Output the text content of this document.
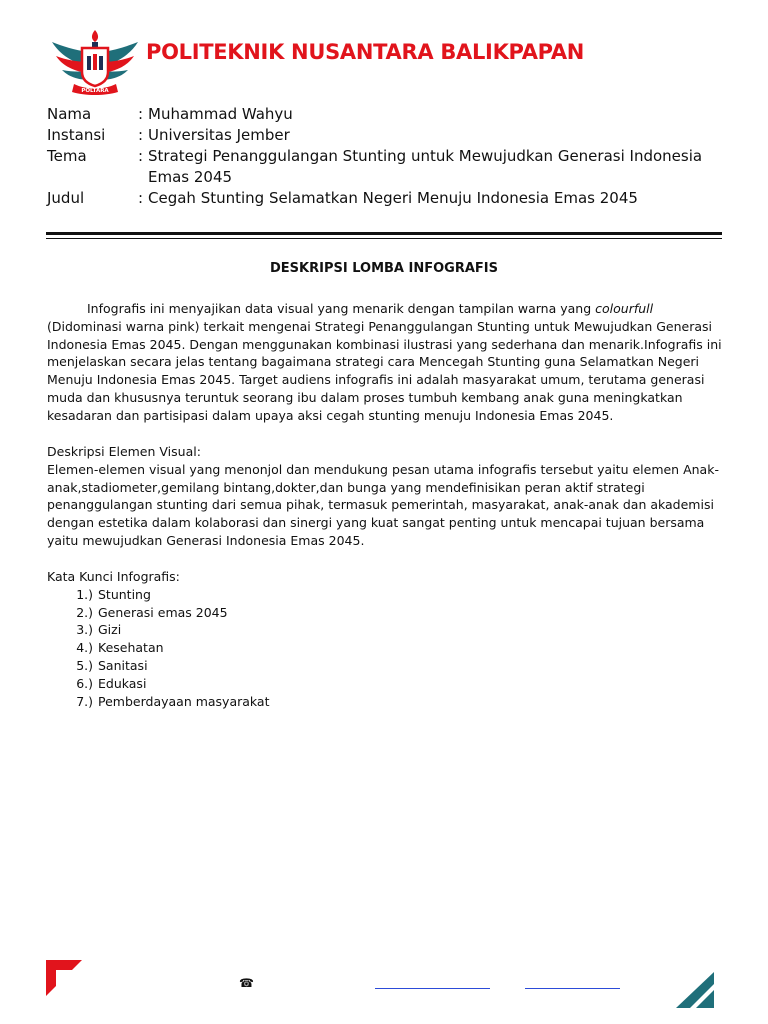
POLTARA
POLITEKNIK NUSANTARA BALIKPAPAN
Nama	: Muhammad Wahyu
Instansi	: Universitas Jember
Tema	: Strategi Penanggulangan Stunting untuk Mewujudkan Generasi Indonesia Emas 2045
Judul	: Cegah Stunting Selamatkan Negeri Menuju Indonesia Emas 2045
DESKRIPSI LOMBA INFOGRAFIS

Infografis ini menyajikan data visual yang menarik dengan tampilan warna yang colourfull (Didominasi warna pink) terkait mengenai Strategi Penanggulangan Stunting untuk Mewujudkan Generasi Indonesia Emas 2045. Dengan menggunakan kombinasi ilustrasi yang sederhana dan menarik.Infografis ini menjelaskan secara jelas tentang bagaimana strategi cara Mencegah Stunting guna Selamatkan Negeri Menuju Indonesia Emas 2045. Target audiens infografis ini adalah masyarakat umum, terutama generasi muda dan khususnya teruntuk seorang ibu dalam proses tumbuh kembang anak guna meningkatkan kesadaran dan partisipasi dalam upaya aksi cegah stunting menuju Indonesia Emas 2045.

Deskripsi Elemen Visual:
Elemen-elemen visual yang menonjol dan mendukung pesan utama infografis tersebut yaitu elemen Anak-anak,stadiometer,gemilang bintang,dokter,dan bunga yang mendefinisikan peran aktif strategi penanggulangan stunting dari semua pihak, termasuk pemerintah, masyarakat, anak-anak dan akademisi dengan estetika dalam kolaborasi dan sinergi yang kuat sangat penting untuk mencapai tujuan bersama yaitu mewujudkan Generasi Indonesia Emas 2045.
Kata Kunci Infografis:
1.) Stunting
2.) Generasi emas 2045
3.) Gizi
4.) Kesehatan
5.) Sanitasi
6.) Edukasi
7.) Pemberdayaan masyarakat
☎
